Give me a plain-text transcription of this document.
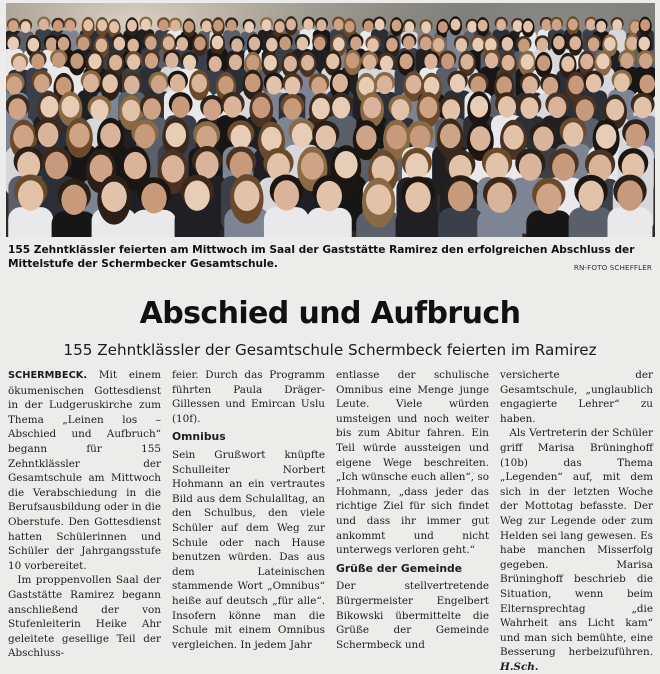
155 Zehntklässler feierten am Mittwoch im Saal der Gaststätte Ramirez den erfolgreichen Abschluss der Mittelstufe der Schermbecker Gesamtschule.	RN-FOTO SCHEFFLER
Abschied und Aufbruch
155 Zehntklässler der Gesamtschule Schermbeck feierten im Ramirez

SCHERMBECK. Mit einem ökumenischen Gottesdienst in der Ludgeruskirche zum Thema „Leinen los – Abschied und Aufbruch“ begann für 155 Zehntklässler der Gesamtschule am Mittwoch die Verabschiedung in die Berufsausbildung oder in die Oberstufe. Den Gottesdienst hatten Schülerinnen und Schüler der Jahrgangsstufe 10 vorbereitet.

Im proppenvollen Saal der Gaststätte Ramirez begann anschließend der von Stufenleiterin Heike Ahr geleitete gesellige Teil der Abschluss-

feier. Durch das Programm führten Paula Dräger-Gillessen und Emircan Uslu (10f).

Omnibus

Sein Grußwort knüpfte Schulleiter Norbert Hohmann an ein vertrautes Bild aus dem Schulalltag, an den Schulbus, den viele Schüler auf dem Weg zur Schule oder nach Hause benutzen würden. Das aus dem Lateinischen stammende Wort „Omnibus“ heiße auf deutsch „für alle“. Insofern könne man die Schule mit einem Omnibus vergleichen. In jedem Jahr

entlasse der schulische Omnibus eine Menge junge Leute. Viele würden umsteigen und noch weiter bis zum Abitur fahren. Ein Teil würde aussteigen und eigene Wege beschreiten. „Ich wünsche euch allen“, so Hohmann, „dass jeder das richtige Ziel für sich findet und dass ihr immer gut ankommt und nicht unterwegs verloren geht.“

Grüße der Gemeinde

Der stellvertretende Bürgermeister Engelbert Bikowski übermittelte die Grüße der Gemeinde Schermbeck und

versicherte der Gesamtschule, „unglaublich engagierte Lehrer“ zu haben.

Als Vertreterin der Schüler griff Marisa Brüninghoff (10b) das Thema „Legenden“ auf, mit dem sich in der letzten Woche der Mottotag befasste. Der Weg zur Legende oder zum Helden sei lang gewesen. Es habe manchen Misserfolg gegeben. Marisa Brüninghoff beschrieb die Situation, wenn beim Elternsprechtag „die Wahrheit ans Licht kam“ und man sich bemühte, eine Besserung herbeizuführen. H.Sch.
